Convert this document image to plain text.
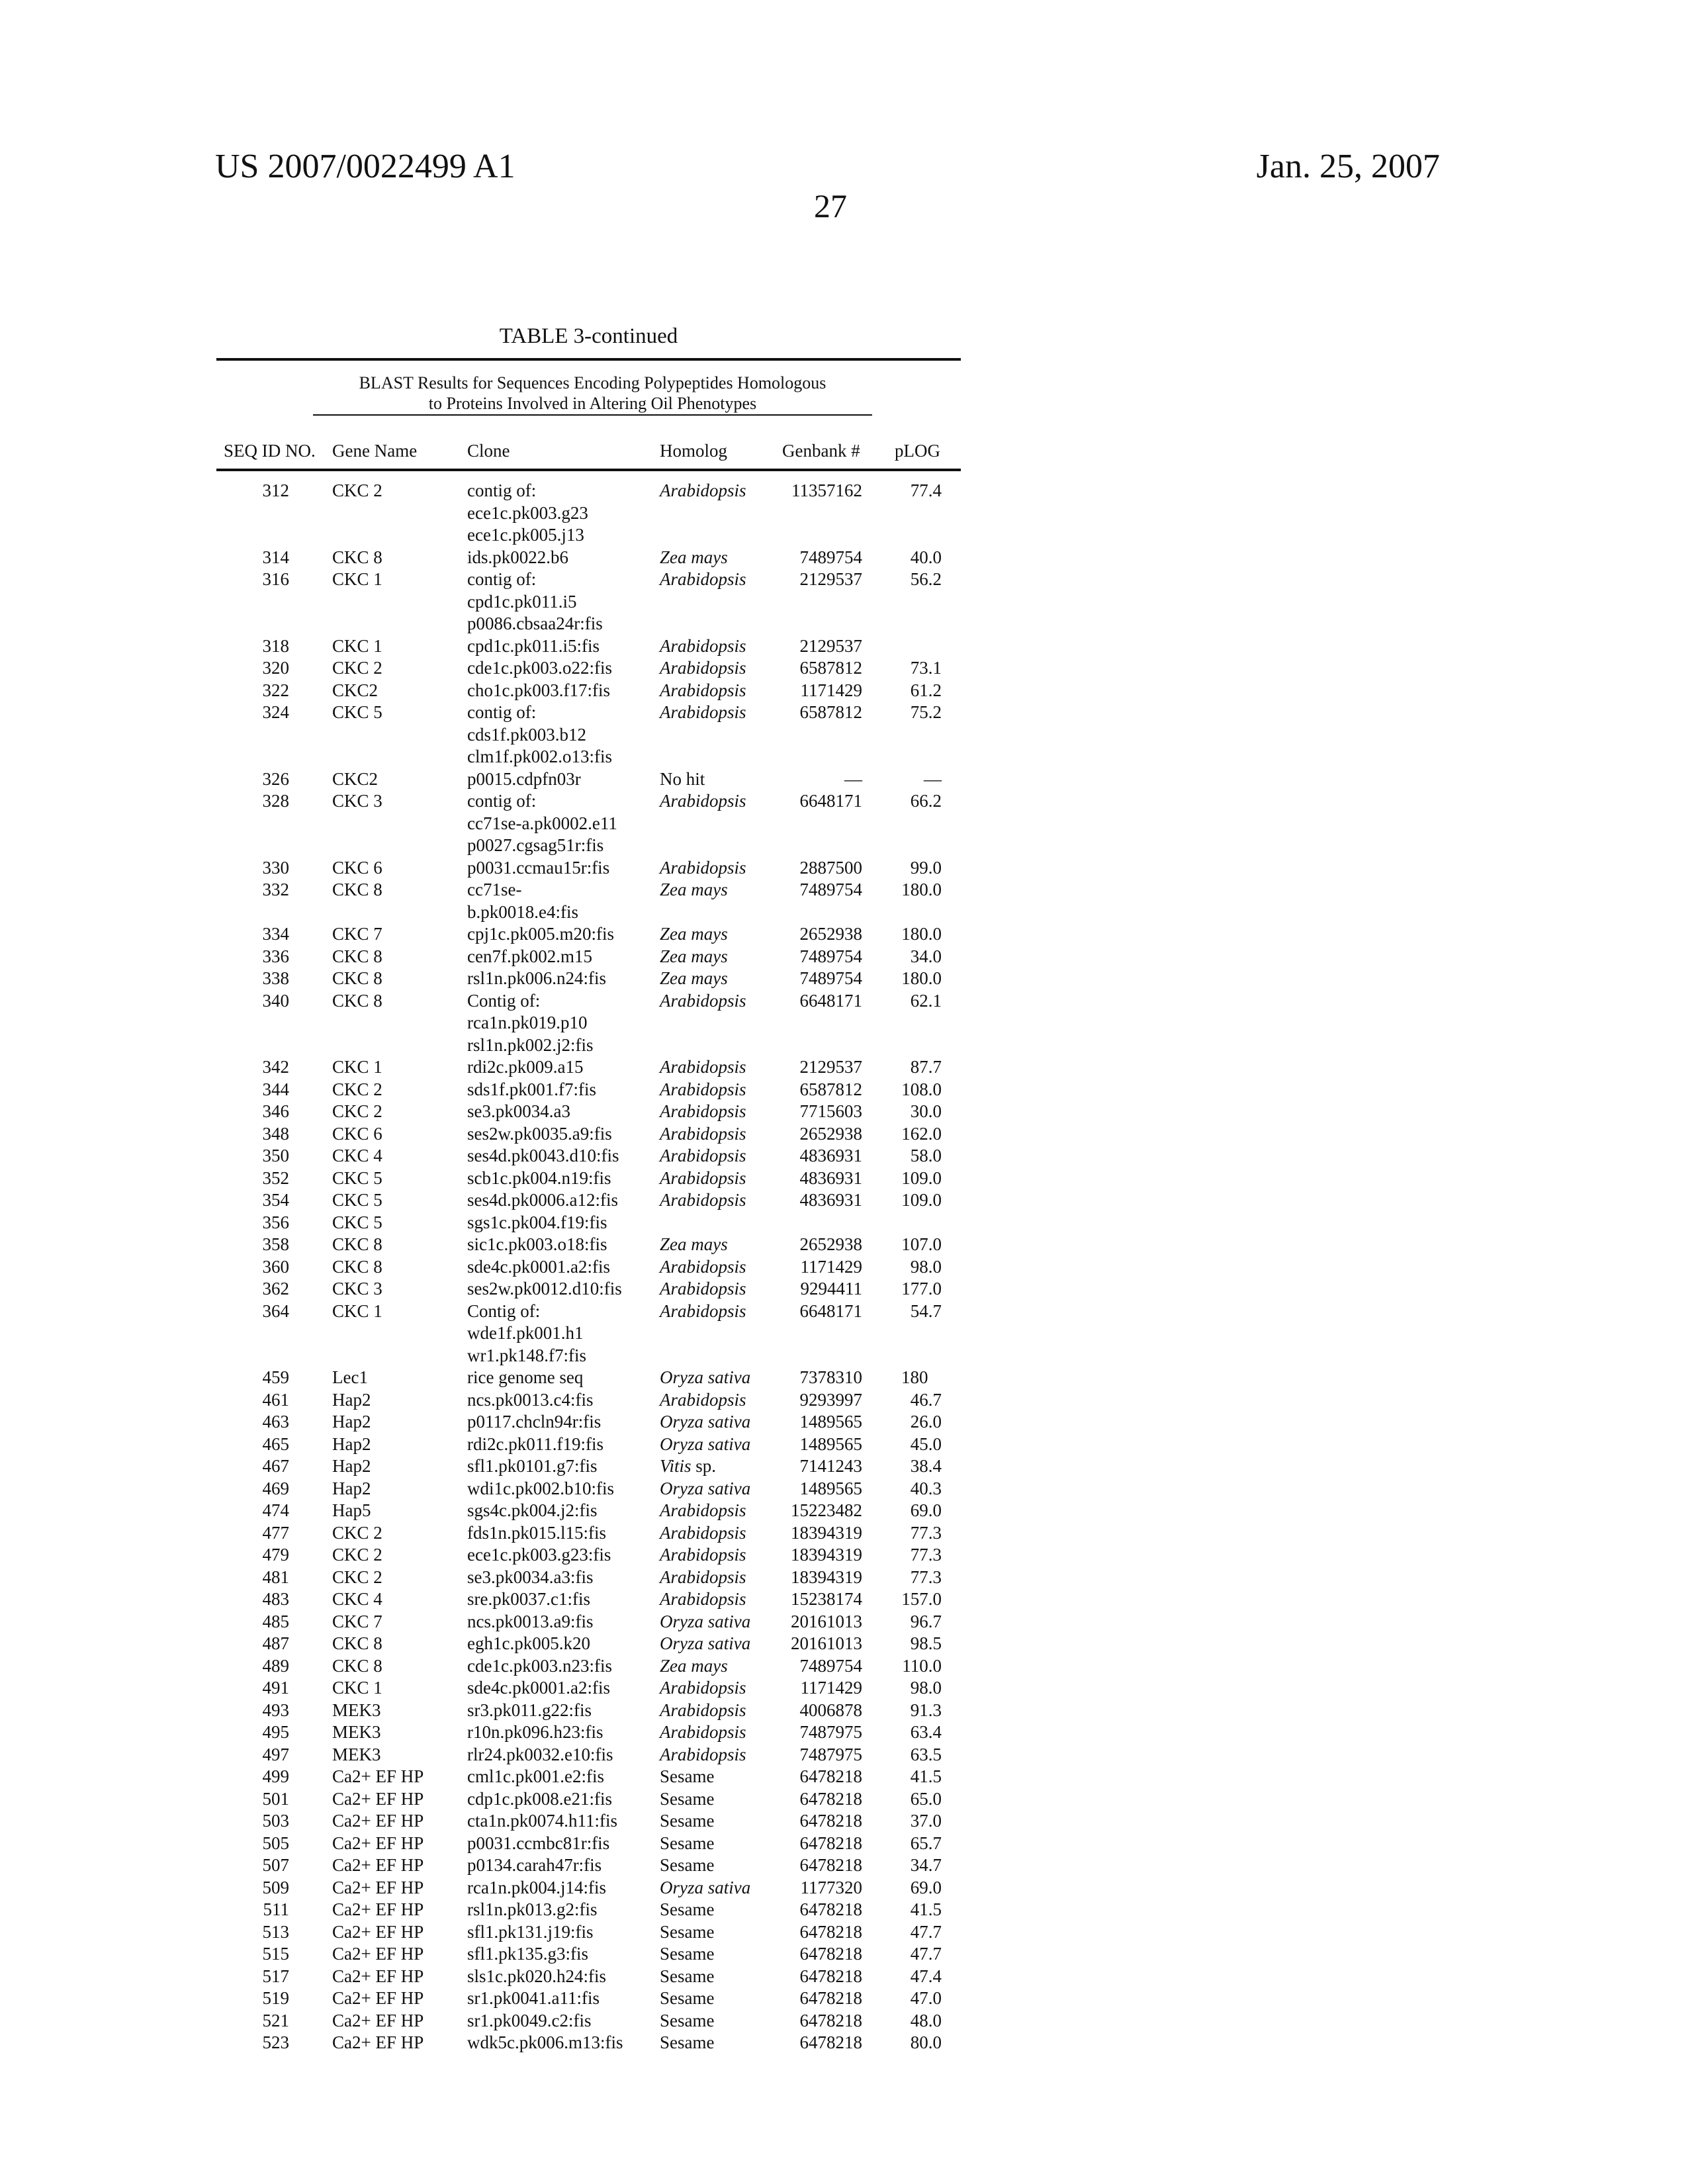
US 2007/0022499 A1
27
Jan. 25, 2007
TABLE 3-continued
BLAST Results for Sequences Encoding Polypeptides Homologous
to Proteins Involved in Altering Oil Phenotypes
SEQ ID NO. Gene Name	Clone	Homolog	Genbank # pLOG
312 CKC 2	contig of:
ece1c.pk003.g23
ece1c.pk005.j13
Arabidopsis	11357162	77.4
314 CKC 8	ids.pk0022.b6	Zea mays	7489754	40.0
316 CKC 1	contig of:
cpd1c.pk011.i5
p0086.cbsaa24r:fis
Arabidopsis	2129537	56.2
318 CKC 1	cpd1c.pk011.i5:fis	Arabidopsis	2129537
320 CKC 2	cde1c.pk003.o22:fis	Arabidopsis	6587812	73.1
322 CKC2	cho1c.pk003.f17:fis	Arabidopsis	1171429	61.2
324 CKC 5	contig of:
cds1f.pk003.b12
clm1f.pk002.o13:fis
Arabidopsis	6587812	75.2
326 CKC2	p0015.cdpfn03r	No hit	—	—
328 CKC 3	contig of:
cc71se-a.pk0002.e11
p0027.cgsag51r:fis
Arabidopsis	6648171	66.2
330 CKC 6	p0031.ccmau15r:fis	Arabidopsis	2887500	99.0
332 CKC 8	cc71se-
b.pk0018.e4:fis
Zea mays	7489754	180.0
334 CKC 7	cpj1c.pk005.m20:fis	Zea mays	2652938	180.0
336 CKC 8	cen7f.pk002.m15	Zea mays	7489754	34.0
338 CKC 8	rsl1n.pk006.n24:fis	Zea mays	7489754	180.0
340 CKC 8	Contig of:
rca1n.pk019.p10
rsl1n.pk002.j2:fis
Arabidopsis	6648171	62.1
342 CKC 1	rdi2c.pk009.a15	Arabidopsis	2129537	87.7
344 CKC 2	sds1f.pk001.f7:fis	Arabidopsis	6587812	108.0
346 CKC 2	se3.pk0034.a3	Arabidopsis	7715603	30.0
348 CKC 6	ses2w.pk0035.a9:fis	Arabidopsis	2652938	162.0
350 CKC 4	ses4d.pk0043.d10:fis Arabidopsis	4836931	58.0
352 CKC 5	scb1c.pk004.n19:fis	Arabidopsis	4836931	109.0
354 CKC 5	ses4d.pk0006.a12:fis Arabidopsis	4836931	109.0
356 CKC 5	sgs1c.pk004.f19:fis
358 CKC 8	sic1c.pk003.o18:fis	Zea mays	2652938	107.0
360 CKC 8	sde4c.pk0001.a2:fis	Arabidopsis	1171429	98.0
362 CKC 3	ses2w.pk0012.d10:fis Arabidopsis	9294411	177.0
364 CKC 1	Contig of:
wde1f.pk001.h1
wr1.pk148.f7:fis
Arabidopsis	6648171	54.7
459 Lec1	rice genome seq	Oryza sativa	7378310 180
461 Hap2	ncs.pk0013.c4:fis	Arabidopsis	9293997	46.7
463 Hap2	p0117.chcln94r:fis	Oryza sativa	1489565	26.0
465 Hap2	rdi2c.pk011.f19:fis	Oryza sativa	1489565	45.0
467 Hap2	sfl1.pk0101.g7:fis	Vitis sp.	7141243	38.4
469 Hap2	wdi1c.pk002.b10:fis	Oryza sativa	1489565	40.3
474 Hap5	sgs4c.pk004.j2:fis	Arabidopsis	15223482	69.0
477 CKC 2	fds1n.pk015.l15:fis	Arabidopsis	18394319	77.3
479 CKC 2	ece1c.pk003.g23:fis	Arabidopsis	18394319	77.3
481 CKC 2	se3.pk0034.a3:fis	Arabidopsis	18394319	77.3
483 CKC 4	sre.pk0037.c1:fis	Arabidopsis	15238174	157.0
485 CKC 7	ncs.pk0013.a9:fis	Oryza sativa	20161013	96.7
487 CKC 8	egh1c.pk005.k20	Oryza sativa	20161013	98.5
489 CKC 8	cde1c.pk003.n23:fis	Zea mays	7489754	110.0
491 CKC 1	sde4c.pk0001.a2:fis	Arabidopsis	1171429	98.0
493 MEK3	sr3.pk011.g22:fis	Arabidopsis	4006878	91.3
495 MEK3	r10n.pk096.h23:fis	Arabidopsis	7487975	63.4
497 MEK3	rlr24.pk0032.e10:fis	Arabidopsis	7487975	63.5
499 Ca2+ EF HP cml1c.pk001.e2:fis	Sesame	6478218	41.5
501 Ca2+ EF HP cdp1c.pk008.e21:fis	Sesame	6478218	65.0
503 Ca2+ EF HP cta1n.pk0074.h11:fis Sesame	6478218	37.0
505 Ca2+ EF HP p0031.ccmbc81r:fis	Sesame	6478218	65.7
507 Ca2+ EF HP p0134.carah47r:fis	Sesame	6478218	34.7
509 Ca2+ EF HP rca1n.pk004.j14:fis	Oryza sativa	1177320	69.0
511 Ca2+ EF HP rsl1n.pk013.g2:fis	Sesame	6478218	41.5
513 Ca2+ EF HP sfl1.pk131.j19:fis	Sesame	6478218	47.7
515 Ca2+ EF HP sfl1.pk135.g3:fis	Sesame	6478218	47.7
517 Ca2+ EF HP sls1c.pk020.h24:fis	Sesame	6478218	47.4
519 Ca2+ EF HP sr1.pk0041.a11:fis	Sesame	6478218	47.0
521 Ca2+ EF HP sr1.pk0049.c2:fis	Sesame	6478218	48.0
523 Ca2+ EF HP wdk5c.pk006.m13:fis Sesame	6478218	80.0
